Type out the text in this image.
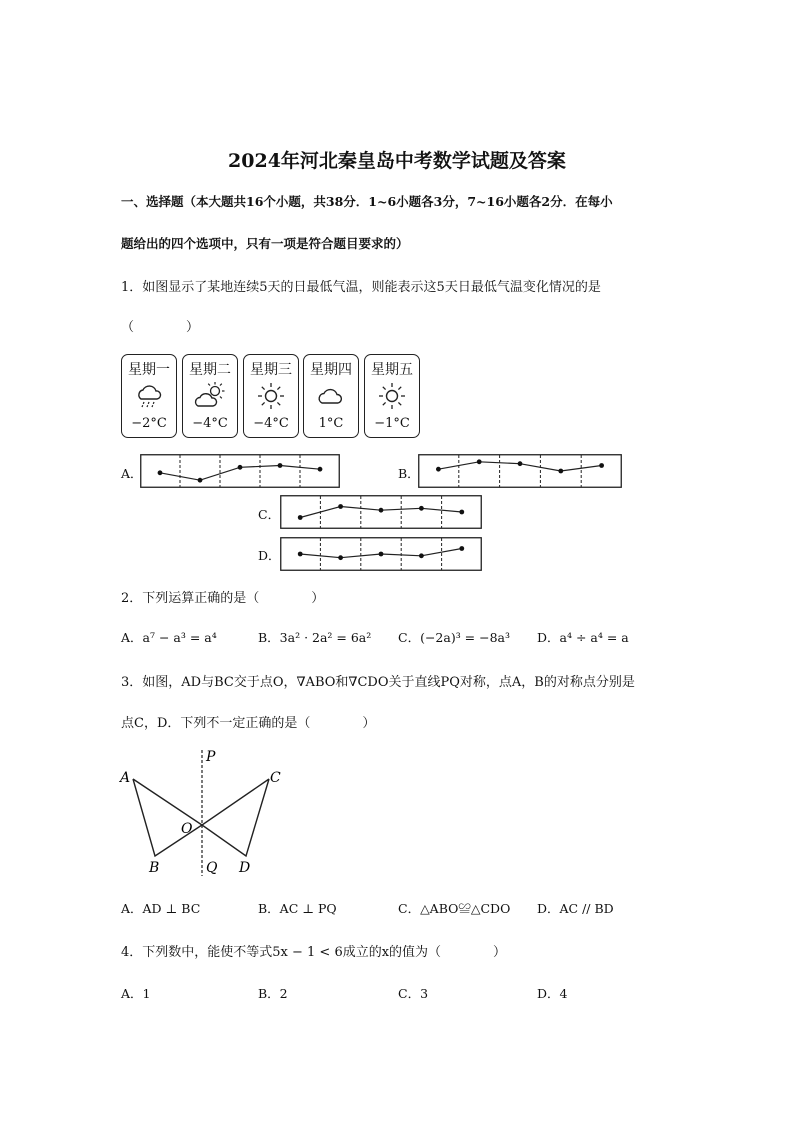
2024年河北秦皇岛中考数学试题及答案
一、选择题（本大题共16个小题，共38分．1~6小题各3分，7~16小题各2分．在每小
题给出的四个选项中，只有一项是符合题目要求的）
1．如图显示了某地连续5天的日最低气温，则能表示这5天日最低气温变化情况的是
（　　　　）
星期一
−2°C
星期二
−4°C
星期三
−4°C
星期四
1°C
星期五
−1°C
A．	B．
C．
D．
2．下列运算正确的是（　　　　）
A．a⁷ − a³ = a⁴	B．3a² · 2a² = 6a² C．(−2a)³ = −8a³ D．a⁴ ÷ a⁴ = a
3．如图，AD与BC交于点O，∇ABO和∇CDO关于直线PQ对称，点A，B的对称点分别是
点C，D．下列不一定正确的是（　　　　）
P
A	C
O
B	Q D
A．AD ⊥ BC	B．AC ⊥ PQ	C．△ABO≌△CDO D．AC // BD
4．下列数中，能使不等式5x − 1 < 6成立的x的值为（　　　　）
A．1	B．2	C．3	D．4
